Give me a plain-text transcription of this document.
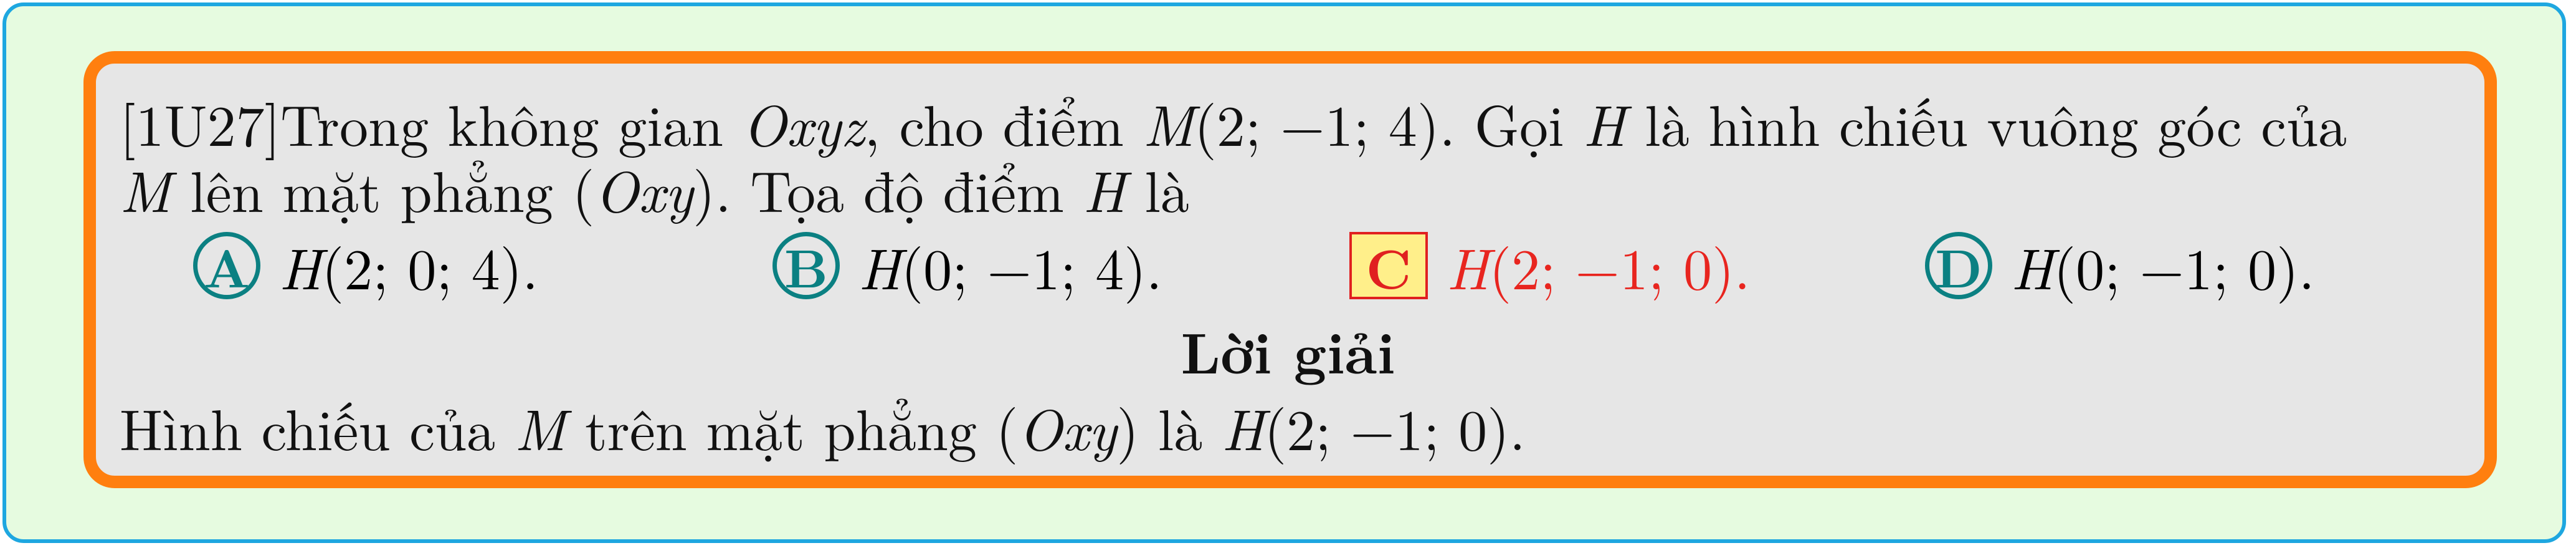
[1U27]Trong không gian Oxyz, cho điểm M(2; −1; 4). Gọi H là hình chiếu vuông góc của
M lên mặt phẳng (Oxy). Tọa độ điểm H là
A H (2; 0; 4).	B H (0; −1; 4).	C H (2; −1; 0).	D H (0; −1; 0).
Lời giải
Hình chiếu của M trên mặt phẳng (Oxy) là H(2; −1; 0).
